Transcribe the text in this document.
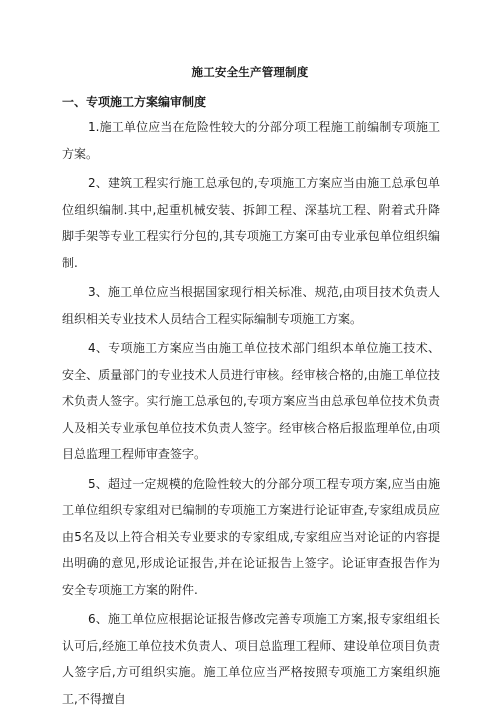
施工安全生产管理制度
一、专项施工方案编审制度

1.施工单位应当在危险性较大的分部分项工程施工前编制专项施工方案。

2、建筑工程实行施工总承包的,专项施工方案应当由施工总承包单位组织编制.其中,起重机械安装、拆卸工程、深基坑工程、附着式升降脚手架等专业工程实行分包的,其专项施工方案可由专业承包单位组织编制.

3、施工单位应当根据国家现行相关标准、规范,由项目技术负责人组织相关专业技术人员结合工程实际编制专项施工方案。

4、专项施工方案应当由施工单位技术部门组织本单位施工技术、安全、质量部门的专业技术人员进行审核。经审核合格的,由施工单位技术负责人签字。实行施工总承包的,专项方案应当由总承包单位技术负责人及相关专业承包单位技术负责人签字。经审核合格后报监理单位,由项目总监理工程师审查签字。

5、超过一定规模的危险性较大的分部分项工程专项方案,应当由施工单位组织专家组对已编制的专项施工方案进行论证审查,专家组成员应由5名及以上符合相关专业要求的专家组成,专家组应当对论证的内容提出明确的意见,形成论证报告,并在论证报告上签字。论证审查报告作为安全专项施工方案的附件.

6、施工单位应根据论证报告修改完善专项施工方案,报专家组组长认可后,经施工单位技术负责人、项目总监理工程师、建设单位项目负责人签字后,方可组织实施。施工单位应当严格按照专项施工方案组织施工,不得擅自
